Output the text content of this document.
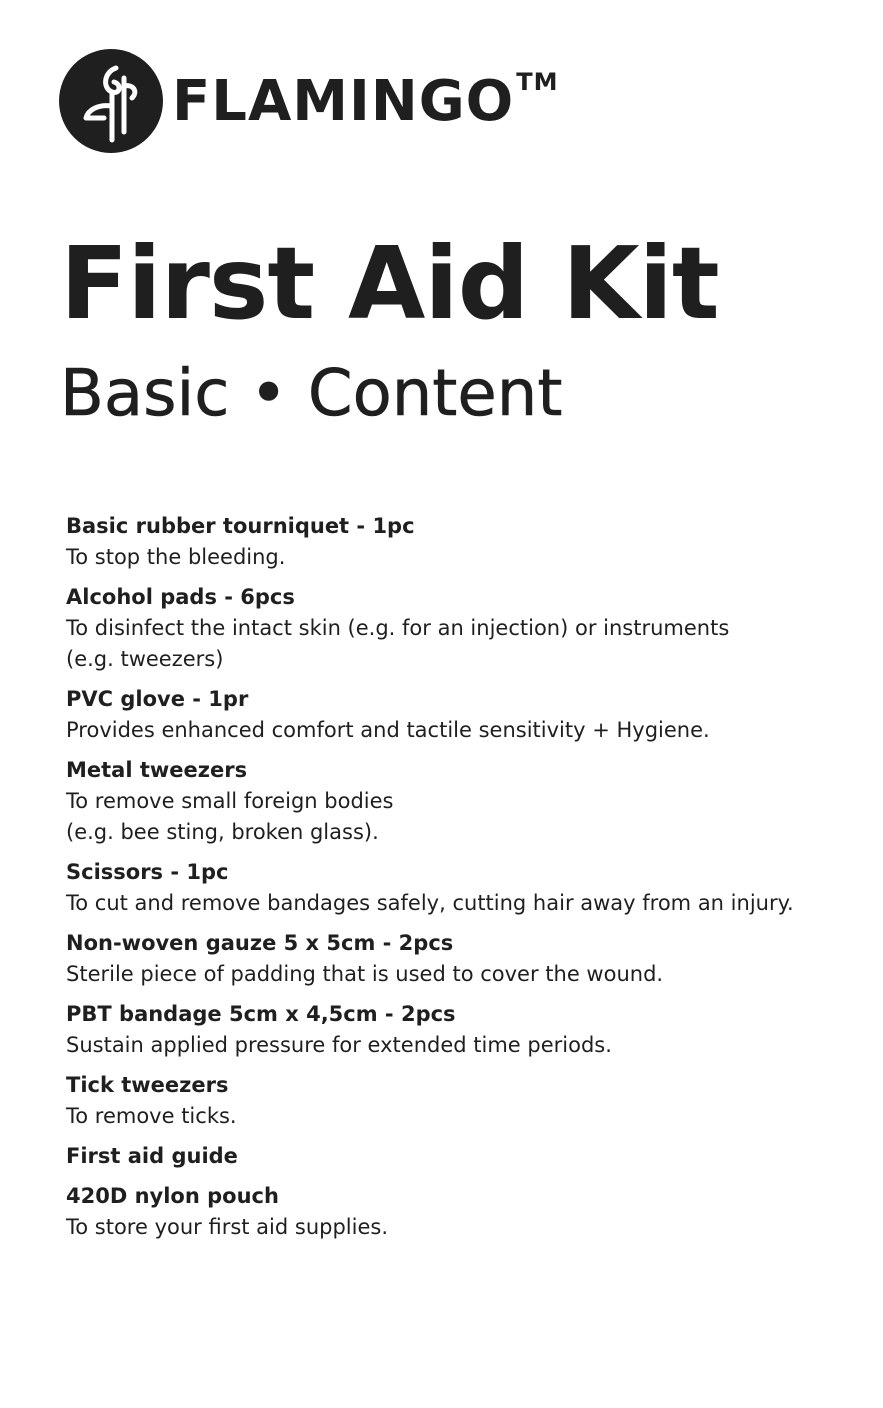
FLAMINGO™
First Aid Kit
Basic • Content
Basic rubber tourniquet - 1pc
To stop the bleeding.
Alcohol pads - 6pcs
To disinfect the intact skin (e.g. for an injection) or instruments
(e.g. tweezers)
PVC glove - 1pr
Provides enhanced comfort and tactile sensitivity + Hygiene.
Metal tweezers
To remove small foreign bodies
(e.g. bee sting, broken glass).
Scissors - 1pc
To cut and remove bandages safely, cutting hair away from an injury.
Non-woven gauze 5 x 5cm - 2pcs
Sterile piece of padding that is used to cover the wound.
PBT bandage 5cm x 4,5cm - 2pcs
Sustain applied pressure for extended time periods.
Tick tweezers
To remove ticks.
First aid guide
420D nylon pouch
To store your first aid supplies.
